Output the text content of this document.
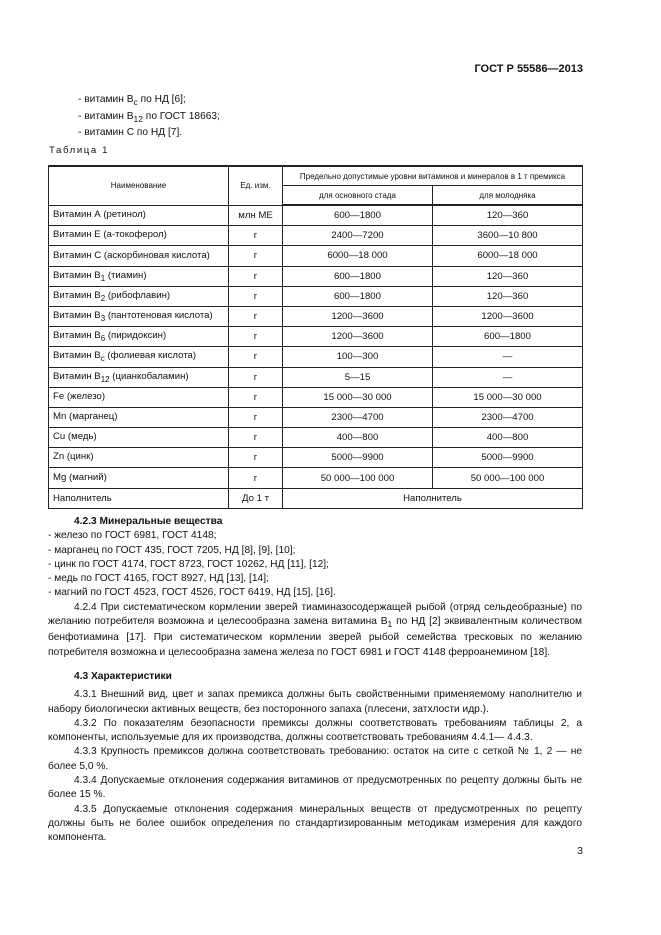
ГОСТ Р 55586—2013
- витамин $B_c$ по НД [6];
- витамин $B_{12}$ по ГОСТ 18663;
- витамин С по НД [7].
Таблица 1
Наименование	Ед. изм.	Предельно допустимые уровни витаминов и минералов в 1 т премикса	
		для основного стада	для молодняка
Витамин А (ретинол)	млн МЕ	600—1800	120—360
Витамин Е (а-токоферол)	г	2400—7200	3600—10 800
Витамин С (аскорбиновая кислота)	г	6000—18 000	6000—18 000
Витамин $B_1$ (тиамин)	г	600—1800	120—360
Витамин $B_2$ (рибофлавин)	г	600—1800	120—360
Витамин $B_3$ (пантотеновая кислота)	г	1200—3600	1200—3600
Витамин $B_6$ (пиридоксин)	г	1200—3600	600—1800
Витамин $B_c$ (фолиевая кислота)	г	100—300	—
Витамин $B_{12}$ (цианкобаламин)	г	5—15	—
Fe (железо)	г	15 000—30 000	15 000—30 000
Mn (марганец)	г	2300—4700	2300—4700
Cu (медь)	г	400—800	400—800
Zn (цинк)	г	5000—9900	5000—9900
Mg (магний)	г	50 000—100 000	50 000—100 000
Наполнитель	До 1 т	Наполнитель	

4.2.3 Минеральные вещества

- железо по ГОСТ 6981, ГОСТ 4148;

- марганец по ГОСТ 435, ГОСТ 7205, НД [8], [9], [10];

- цинк по ГОСТ 4174, ГОСТ 8723, ГОСТ 10262, НД [11], [12];

- медь по ГОСТ 4165, ГОСТ 8927, НД [13], [14];

- магний по ГОСТ 4523, ГОСТ 4526, ГОСТ 6419, НД [15], [16].

4.2.4 При систематическом кормлении зверей тиаминазосодержащей рыбой (отряд сельдеобразные) по желанию потребителя возможна и целесообразна замена витамина $B_1$ по НД [2] эквивалентным количеством бенфотиамина [17]. При систематическом кормлении зверей рыбой семейства тресковых по желанию потребителя возможна и целесообразна замена железа по ГОСТ 6981 и ГОСТ 4148 ферроанемином [18].

4.3 Характеристики

4.3.1 Внешний вид, цвет и запах премикса должны быть свойственными применяемому наполнителю и набору биологически активных веществ, без посторонного запаха (плесени, затхлости идр.).

4.3.2 По показателям безопасности премиксы должны соответствовать требованиям таблицы 2, а компоненты, используемые для их производства, должны соответствовать требованиям 4.4.1— 4.4.3.

4.3.3 Крупность премиксов должна соответствовать требованию: остаток на сите с сеткой № 1, 2 — не более 5,0 %.

4.3.4 Допускаемые отклонения содержания витаминов от предусмотренных по рецепту должны быть не более 15 %.

4.3.5 Допускаемые отклонения содержания минеральных веществ от предусмотренных по рецепту должны быть не более ошибок определения по стандартизированным методикам измерения для каждого компонента.

3
